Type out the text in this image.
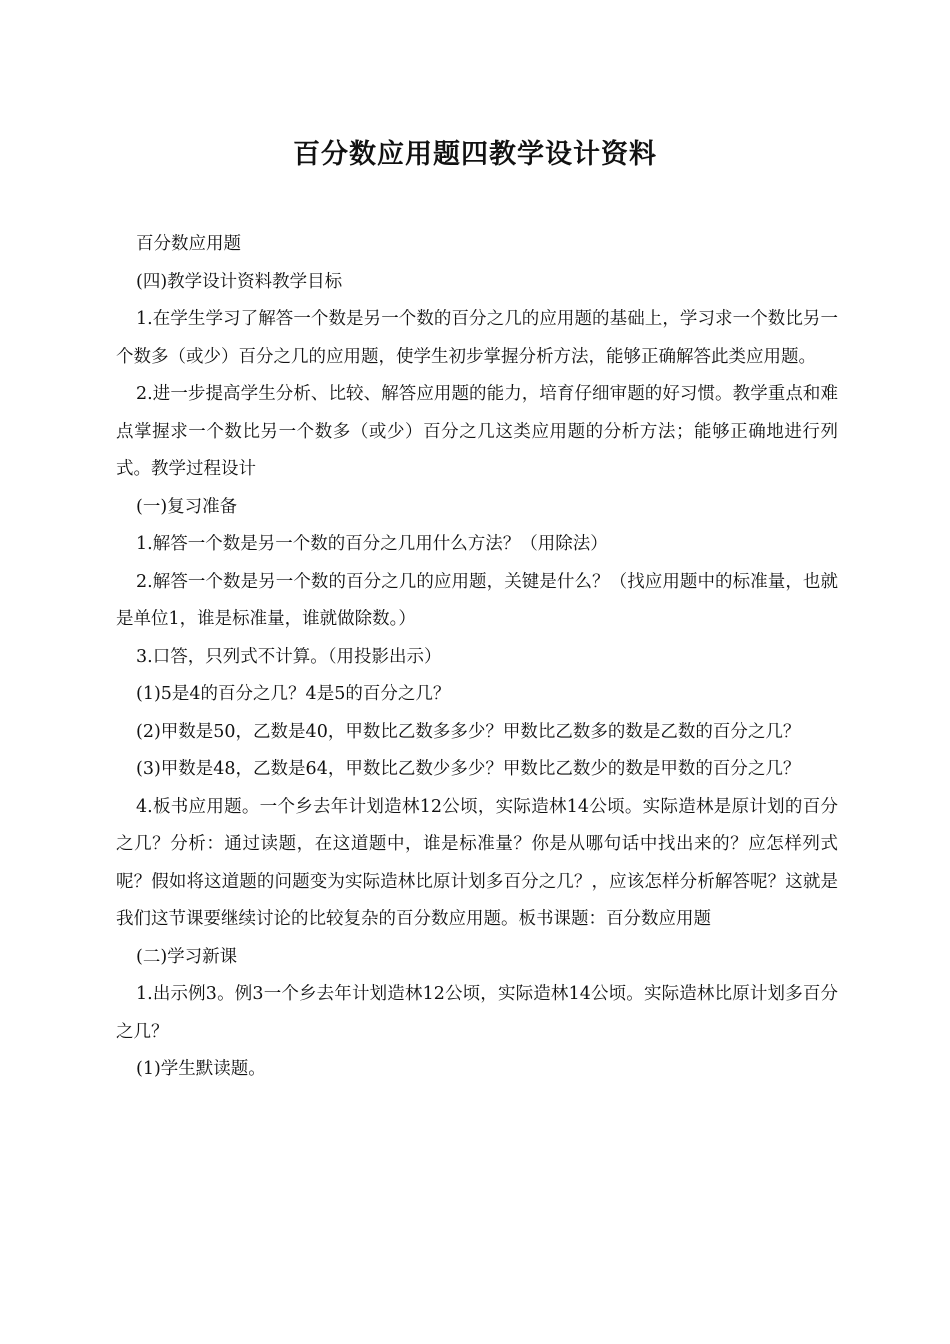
百分数应用题四教学设计资料

百分数应用题

(四)教学设计资料教学目标

1.在学生学习了解答一个数是另一个数的百分之几的应用题的基础上，学习求一个数比另一个数多（或少）百分之几的应用题，使学生初步掌握分析方法，能够正确解答此类应用题。

2.进一步提高学生分析、比较、解答应用题的能力，培育仔细审题的好习惯。教学重点和难点掌握求一个数比另一个数多（或少）百分之几这类应用题的分析方法；能够正确地进行列式。教学过程设计

(一)复习准备

1.解答一个数是另一个数的百分之几用什么方法？（用除法）

2.解答一个数是另一个数的百分之几的应用题，关键是什么？（找应用题中的标准量，也就是单位1，谁是标准量，谁就做除数。）

3.口答，只列式不计算。（用投影出示）

(1)5是4的百分之几？4是5的百分之几？

(2)甲数是50，乙数是40，甲数比乙数多多少？甲数比乙数多的数是乙数的百分之几？

(3)甲数是48，乙数是64，甲数比乙数少多少？甲数比乙数少的数是甲数的百分之几？

4.板书应用题。一个乡去年计划造林12公顷，实际造林14公顷。实际造林是原计划的百分之几？分析：通过读题，在这道题中，谁是标准量？你是从哪句话中找出来的？应怎样列式呢？假如将这道题的问题变为实际造林比原计划多百分之几？，应该怎样分析解答呢？这就是我们这节课要继续讨论的比较复杂的百分数应用题。板书课题：百分数应用题

(二)学习新课

1.出示例3。例3一个乡去年计划造林12公顷，实际造林14公顷。实际造林比原计划多百分之几？

(1)学生默读题。
